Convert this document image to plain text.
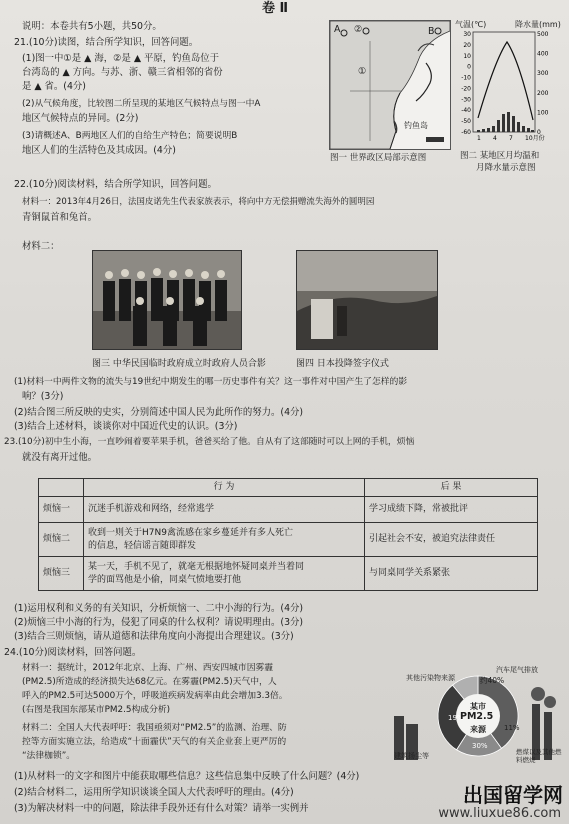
卷 Ⅱ
说明：本卷共有5小题，共50分。
21.(10分)读图，结合所学知识，回答问题。
(1)图一中①是 ▲ 海，②是 ▲ 平原，钓鱼岛位于
台湾岛的 ▲ 方向。与苏、浙、赣三省相邻的省份
是 ▲ 省。(4分)
(2)从气候角度，比较图二所呈现的某地区气候特点与图一中A
地区气候特点的异同。(2分)
(3)请概述A、B两地区人们的自给生产特色；简要说明B
地区人们的生活特色及其成因。(4分)
A ②	B
①
钓鱼岛
图一 世界政区局部示意图
气温(℃)	降水量(mm)
30
20
10
0
-10
-20
-30
-40
-50
-60
500
400
300
200
100
0
1 4 7 10月份
图二 某地区月均温和
月降水量示意图
22.(10分)阅读材料，结合所学知识，回答问题。
材料一：2013年4月26日，法国皮诺先生代表家族表示，将向中方无偿捐赠流失海外的圆明园
青铜鼠首和兔首。
材料二：
图三 中华民国临时政府成立时政府人员合影	图四 日本投降签字仪式
(1)材料一中两件文物的流失与19世纪中期发生的哪一历史事件有关？这一事件对中国产生了怎样的影
响？(3分)
(2)结合图三所反映的史实，分别简述中国人民为此所作的努力。(4分)
(3)结合上述材料，谈谈你对中国近代史的认识。(3分)
23.(10分)初中生小海，一直吵闹着要苹果手机，爸爸买给了他。自从有了这部随时可以上网的手机，烦恼
就没有离开过他。
	行 为	后 果
烦恼一	沉迷手机游戏和网络，经常逃学	学习成绩下降，常被批评
烦恼二	收到一则关于H7N9禽流感在家乡蔓延并有多人死亡
的信息，轻信谣言随即群发	引起社会不安，被追究法律责任
烦恼三	某一天，手机不见了，就毫无根据地怀疑同桌并当着同
学的面骂他是小偷，同桌气愤地要打他	与同桌同学关系紧张
(1)运用权利和义务的有关知识，分析烦恼一、二中小海的行为。(4分)
(2)烦恼三中小海的行为，侵犯了同桌的什么权利？请说明理由。(3分)
(3)结合三则烦恼，请从道德和法律角度向小海提出合理建议。(3分)
24.(10分)阅读材料，回答问题。
材料一：据统计，2012年北京、上海、广州、西安四城市因雾霾
(PM2.5)所造成的经济损失达68亿元。在雾霾(PM2.5)天气中，人
呼入的PM2.5可达5000万个，呼吸道疾病发病率由此会增加3.3倍。
(右图是我国东部某市PM2.5构成分析)
材料二：全国人大代表呼吁：我国亟须对“PM2.5”的监测、治理、防
控等方面实施立法，给造成“十面霾伏”天气的有关企业套上更严厉的
“法律枷锁”。
汽车尾气排放
约40%
其他污染物来源
19%
30%
11%
某市
PM2.5
来源
建筑扬尘等	燃煤以及其他燃料燃烧
(1)从材料一的文字和图片中能获取哪些信息？这些信息集中反映了什么问题？(4分)
(2)结合材料二，运用所学知识谈谈全国人大代表呼吁的理由。(4分)
(3)为解决材料一中的问题，除法律手段外还有什么对策？请举一实例并
出国留学网
www.liuxue86.com
